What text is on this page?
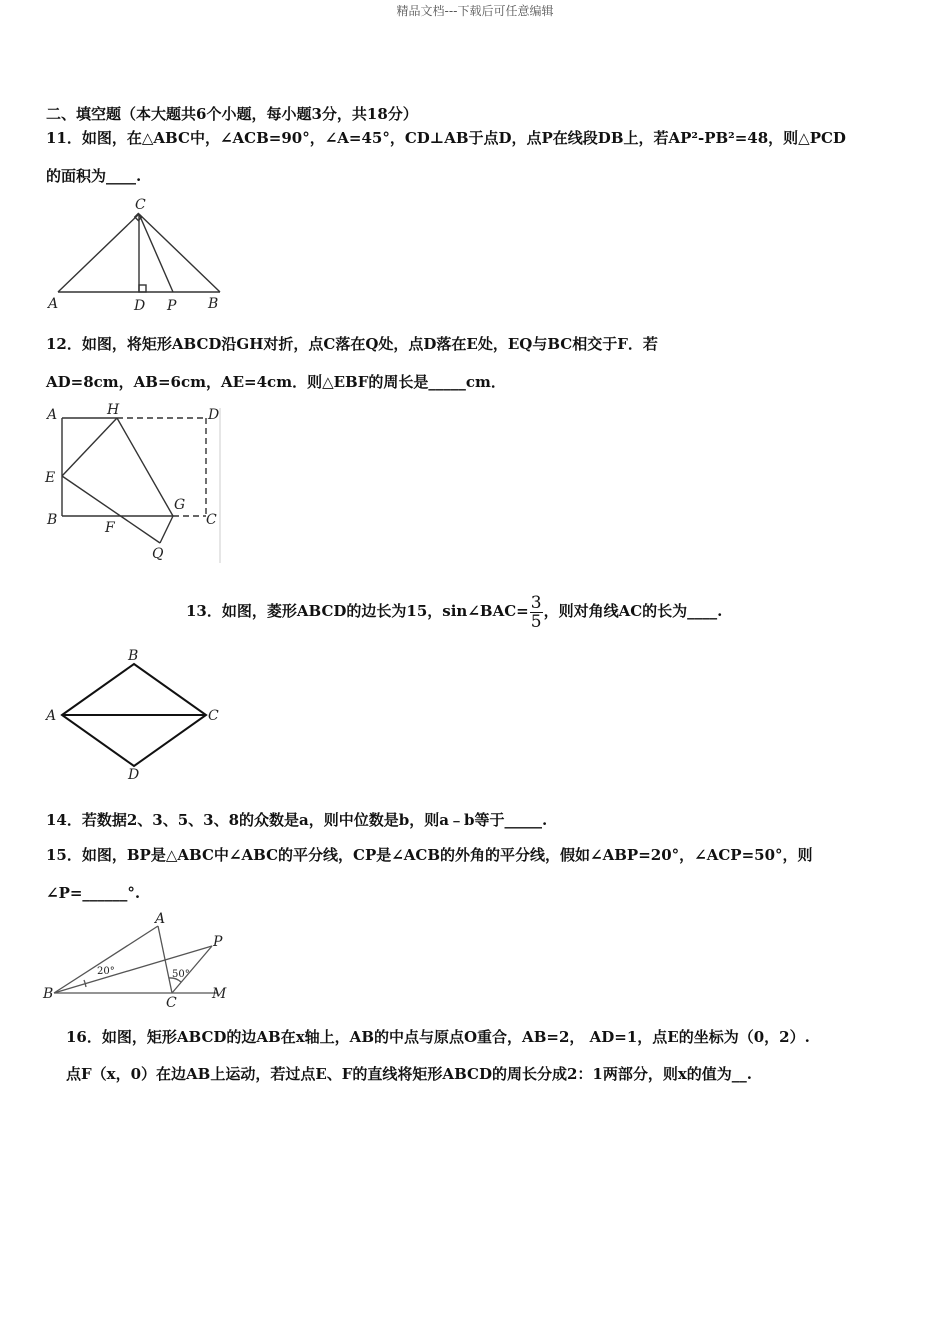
精品文档---下载后可任意编辑
二、填空题（本大题共6个小题，每小题3分，共18分）
11．如图，在△ABC中，∠ACB=90°，∠A=45°，CD⊥AB于点D，点P在线段DB上，若AP²-PB²=48，则△PCD
的面积为____.
C
A	D P B
12．如图，将矩形ABCD沿GH对折，点C落在Q处，点D落在E处，EQ与BC相交于F．若
AD=8cm，AB=6cm，AE=4cm．则△EBF的周长是_____cm．
A	H	D
E
G
B	F	C
Q
13．如图，菱形ABCD的边长为15，sin∠BAC= $\frac{3}{5}$ ，则对角线AC的长为____.
B
A	C
D
14．若数据2、3、5、3、8的众数是a，则中位数是b，则a﹣b等于_____.
15．如图，BP是△ABC中∠ABC的平分线，CP是∠ACB的外角的平分线，假如∠ABP=20°，∠ACP=50°，则
∠P=______°.
A
P
B
C
M
20°	50°
16．如图，矩形ABCD的边AB在x轴上，AB的中点与原点O重合，AB=2， AD=1，点E的坐标为（0，2）.
点F（x，0）在边AB上运动，若过点E、F的直线将矩形ABCD的周长分成2：1两部分，则x的值为__.
